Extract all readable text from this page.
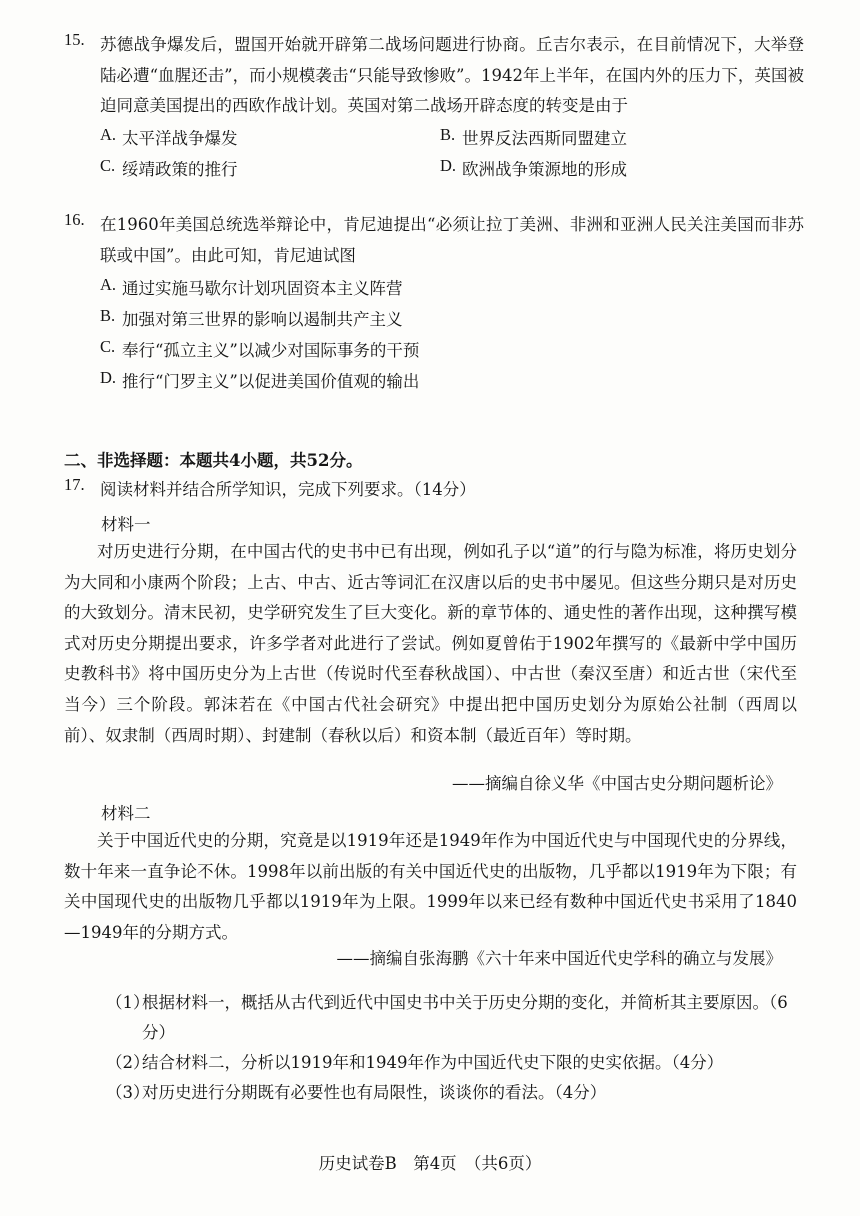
15. 苏德战争爆发后，盟国开始就开辟第二战场问题进行协商。丘吉尔表示，在目前情况下，大举登陆必遭“血腥还击”，而小规模袭击“只能导致惨败”。1942年上半年，在国内外的压力下，英国被迫同意美国提出的西欧作战计划。英国对第二战场开辟态度的转变是由于
A. 太平洋战争爆发	B. 世界反法西斯同盟建立
C. 绥靖政策的推行	D. 欧洲战争策源地的形成
16. 在1960年美国总统选举辩论中，肯尼迪提出“必须让拉丁美洲、非洲和亚洲人民关注美国而非苏联或中国”。由此可知，肯尼迪试图
A. 通过实施马歇尔计划巩固资本主义阵营
B. 加强对第三世界的影响以遏制共产主义
C. 奉行“孤立主义”以减少对国际事务的干预
D. 推行“门罗主义”以促进美国价值观的输出
二、非选择题：本题共4小题，共52分。
17. 阅读材料并结合所学知识，完成下列要求。（14分）
材料一

对历史进行分期，在中国古代的史书中已有出现，例如孔子以“道”的行与隐为标准，将历史划分为大同和小康两个阶段；上古、中古、近古等词汇在汉唐以后的史书中屡见。但这些分期只是对历史的大致划分。清末民初，史学研究发生了巨大变化。新的章节体的、通史性的著作出现，这种撰写模式对历史分期提出要求，许多学者对此进行了尝试。例如夏曾佑于1902年撰写的《最新中学中国历史教科书》将中国历史分为上古世（传说时代至春秋战国）、中古世（秦汉至唐）和近古世（宋代至当今）三个阶段。郭沫若在《中国古代社会研究》中提出把中国历史划分为原始公社制（西周以前）、奴隶制（西周时期）、封建制（春秋以后）和资本制（最近百年）等时期。

——摘编自徐义华《中国古史分期问题析论》
材料二

关于中国近代史的分期，究竟是以1919年还是1949年作为中国近代史与中国现代史的分界线，数十年来一直争论不休。1998年以前出版的有关中国近代史的出版物，几乎都以1919年为下限；有关中国现代史的出版物几乎都以1919年为上限。1999年以来已经有数种中国近代史书采用了1840—1949年的分期方式。

——摘编自张海鹏《六十年来中国近代史学科的确立与发展》
（1）
根据材料一，概括从古代到近代中国史书中关于历史分期的变化，并简析其主要原因。（6分）
（2）
结合材料二，分析以1919年和1949年作为中国近代史下限的史实依据。（4分）
（3）
对历史进行分期既有必要性也有局限性，谈谈你的看法。（4分）
历史试卷B　第4页　（共6页）
